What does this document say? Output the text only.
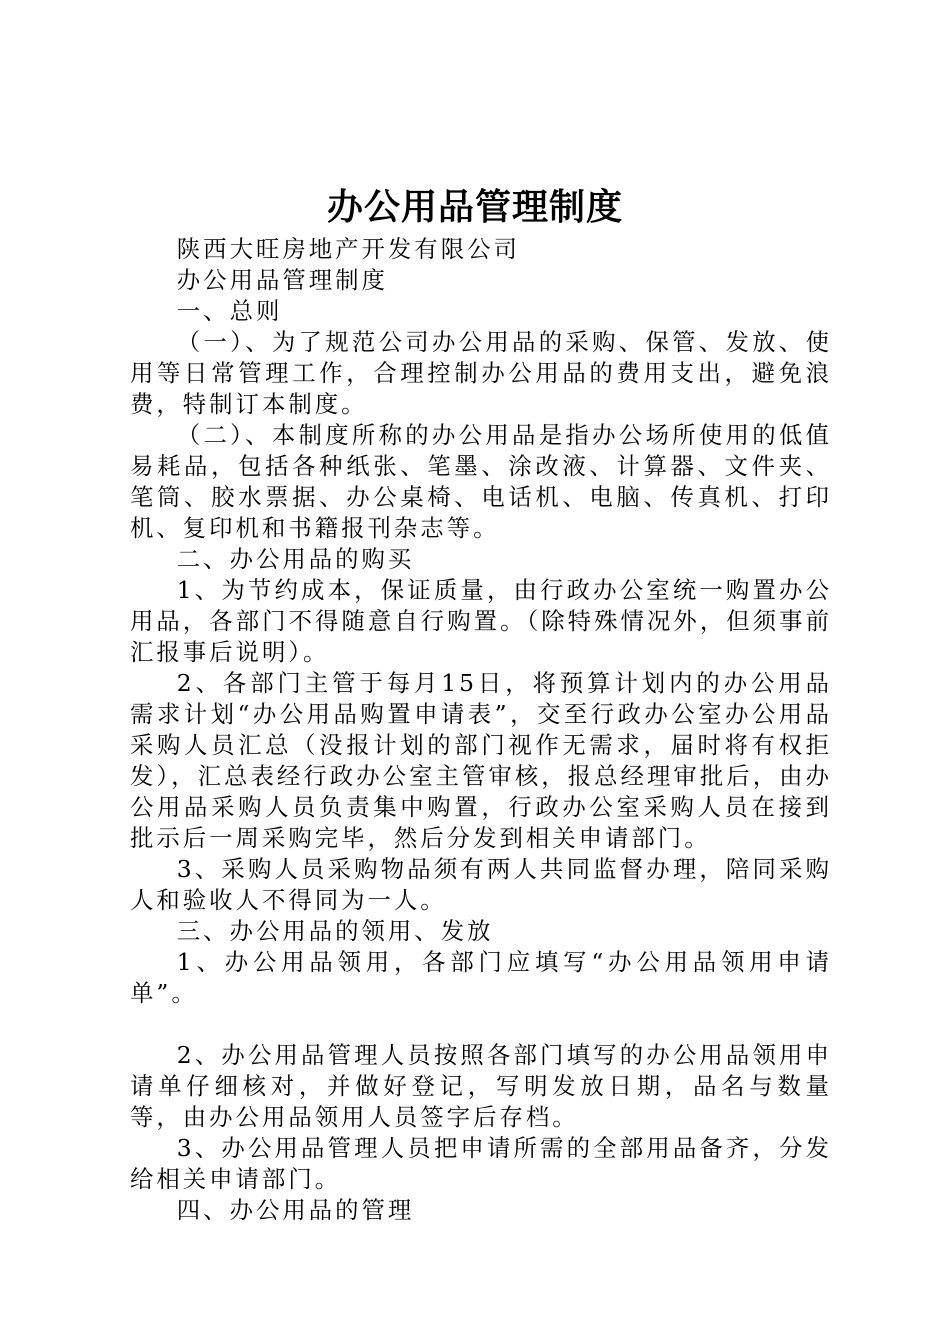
办公用品管理制度

陕西大旺房地产开发有限公司

办公用品管理制度

一、总则

（一）、为了规范公司办公用品的采购、保管、发放、使用等日常管理工作，合理控制办公用品的费用支出，避免浪费，特制订本制度。

（二）、本制度所称的办公用品是指办公场所使用的低值易耗品，包括各种纸张、笔墨、涂改液、计算器、文件夹、笔筒、胶水票据、办公桌椅、电话机、电脑、传真机、打印机、复印机和书籍报刊杂志等。

二、办公用品的购买

1、为节约成本，保证质量，由行政办公室统一购置办公用品，各部门不得随意自行购置。（除特殊情况外，但须事前汇报事后说明）。

2、各部门主管于每月15日，将预算计划内的办公用品需求计划“办公用品购置申请表”，交至行政办公室办公用品采购人员汇总（没报计划的部门视作无需求，届时将有权拒发），汇总表经行政办公室主管审核，报总经理审批后，由办公用品采购人员负责集中购置，行政办公室采购人员在接到批示后一周采购完毕，然后分发到相关申请部门。

3、采购人员采购物品须有两人共同监督办理，陪同采购人和验收人不得同为一人。

三、办公用品的领用、发放

1、办公用品领用，各部门应填写“办公用品领用申请单”。

2、办公用品管理人员按照各部门填写的办公用品领用申请单仔细核对，并做好登记，写明发放日期，品名与数量等，由办公用品领用人员签字后存档。

3、办公用品管理人员把申请所需的全部用品备齐，分发给相关申请部门。

四、办公用品的管理
